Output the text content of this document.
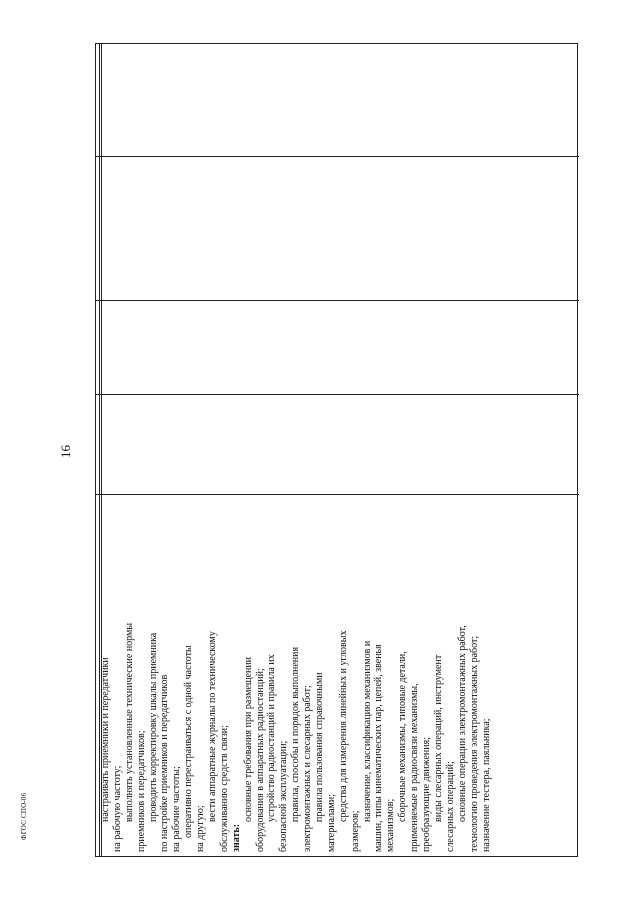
16
настраивать приемники и передатчики на рабочую частоту; выполнять установленные технические нормы приемников и передатчиков; проводить корректировку шкалы приемника по настройке приемников и передатчиков на рабочие частоты; оперативно перестраиваться с одной частоты на другую;
вести аппаратные журналы по техническому обслуживанию средств связи; знать:
основные требования при размещении оборудования в аппаратных радиостанций; устройство радиостанций и правила их безопасной эксплуатации; правила, способы и порядок выполнения электромонтажных и слесарных работ; правила пользования справочными
материалами;
средства для измерения линейных и угловых
размеров;
назначение, классификацию механизмов и машин, типы кинематических пар, цепей, звенья механизмов;
сборочные механизмы, типовые детали, применяемые в радиосвязи механизмы, преобразующие движения; виды слесарных операций, инструмент слесарных операций; основные операции электромонтажных работ, технологию проведения электромонтажных работ; назначение тестера, паяльника;
ФГОС СПО-06
